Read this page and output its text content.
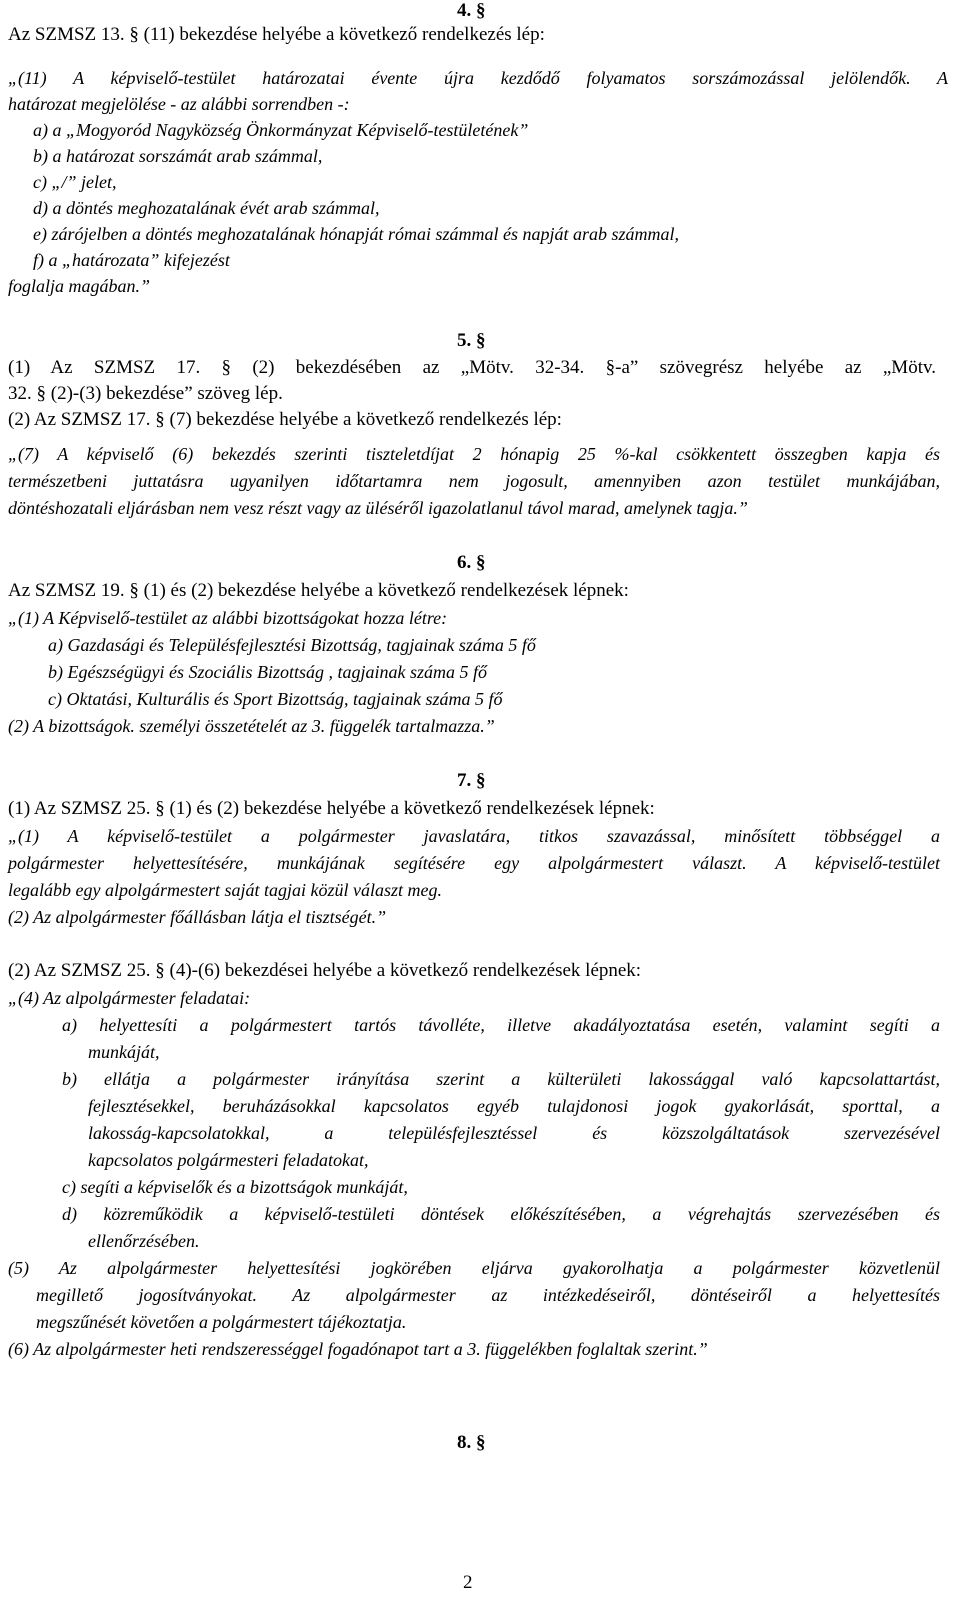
4. §
Az SZMSZ 13. § (11) bekezdése helyébe a következő rendelkezés lép:
„(11) A képviselő-testület határozatai évente újra kezdődő folyamatos sorszámozással jelölendők. A
határozat megjelölése - az alábbi sorrendben -:
a) a „Mogyoród Nagyközség Önkormányzat Képviselő-testületének”
b) a határozat sorszámát arab számmal,
c) „/” jelet,
d) a döntés meghozatalának évét arab számmal,
e) zárójelben a döntés meghozatalának hónapját római számmal és napját arab számmal,
f) a „határozata” kifejezést
foglalja magában.”
5. §
(1) Az SZMSZ 17. § (2) bekezdésében az „Mötv. 32-34. §-a” szövegrész helyébe az „Mötv.
32. § (2)-(3) bekezdése” szöveg lép.
(2) Az SZMSZ 17. § (7) bekezdése helyébe a következő rendelkezés lép:
„(7) A képviselő (6) bekezdés szerinti tiszteletdíjat 2 hónapig 25 %-kal csökkentett összegben kapja és
természetbeni juttatásra ugyanilyen időtartamra nem jogosult, amennyiben azon testület munkájában,
döntéshozatali eljárásban nem vesz részt vagy az üléséről igazolatlanul távol marad, amelynek tagja.”
6. §
Az SZMSZ 19. § (1) és (2) bekezdése helyébe a következő rendelkezések lépnek:
„(1) A Képviselő-testület az alábbi bizottságokat hozza létre:
a) Gazdasági és Településfejlesztési Bizottság, tagjainak száma 5 fő
b) Egészségügyi és Szociális Bizottság , tagjainak száma 5 fő
c) Oktatási, Kulturális és Sport Bizottság, tagjainak száma 5 fő
(2) A bizottságok. személyi összetételét az 3. függelék tartalmazza.”
7. §
(1) Az SZMSZ 25. § (1) és (2) bekezdése helyébe a következő rendelkezések lépnek:
„(1) A képviselő-testület a polgármester javaslatára, titkos szavazással, minősített többséggel a
polgármester helyettesítésére, munkájának segítésére egy alpolgármestert választ. A képviselő-testület
legalább egy alpolgármestert saját tagjai közül választ meg.
(2) Az alpolgármester főállásban látja el tisztségét.”
(2) Az SZMSZ 25. § (4)-(6) bekezdései helyébe a következő rendelkezések lépnek:
„(4) Az alpolgármester feladatai:
a) helyettesíti a polgármestert tartós távolléte, illetve akadályoztatása esetén, valamint segíti a
munkáját,
b) ellátja a polgármester irányítása szerint a külterületi lakossággal való kapcsolattartást,
fejlesztésekkel, beruházásokkal kapcsolatos egyéb tulajdonosi jogok gyakorlását, sporttal, a
lakosság-kapcsolatokkal, a településfejlesztéssel és közszolgáltatások szervezésével
kapcsolatos polgármesteri feladatokat,
c) segíti a képviselők és a bizottságok munkáját,
d) közreműködik a képviselő-testületi döntések előkészítésében, a végrehajtás szervezésében és
ellenőrzésében.
(5) Az alpolgármester helyettesítési jogkörében eljárva gyakorolhatja a polgármester közvetlenül
megillető jogosítványokat. Az alpolgármester az intézkedéseiről, döntéseiről a helyettesítés
megszűnését követően a polgármestert tájékoztatja.
(6) Az alpolgármester heti rendszerességgel fogadónapot tart a 3. függelékben foglaltak szerint.”
8. §
2
